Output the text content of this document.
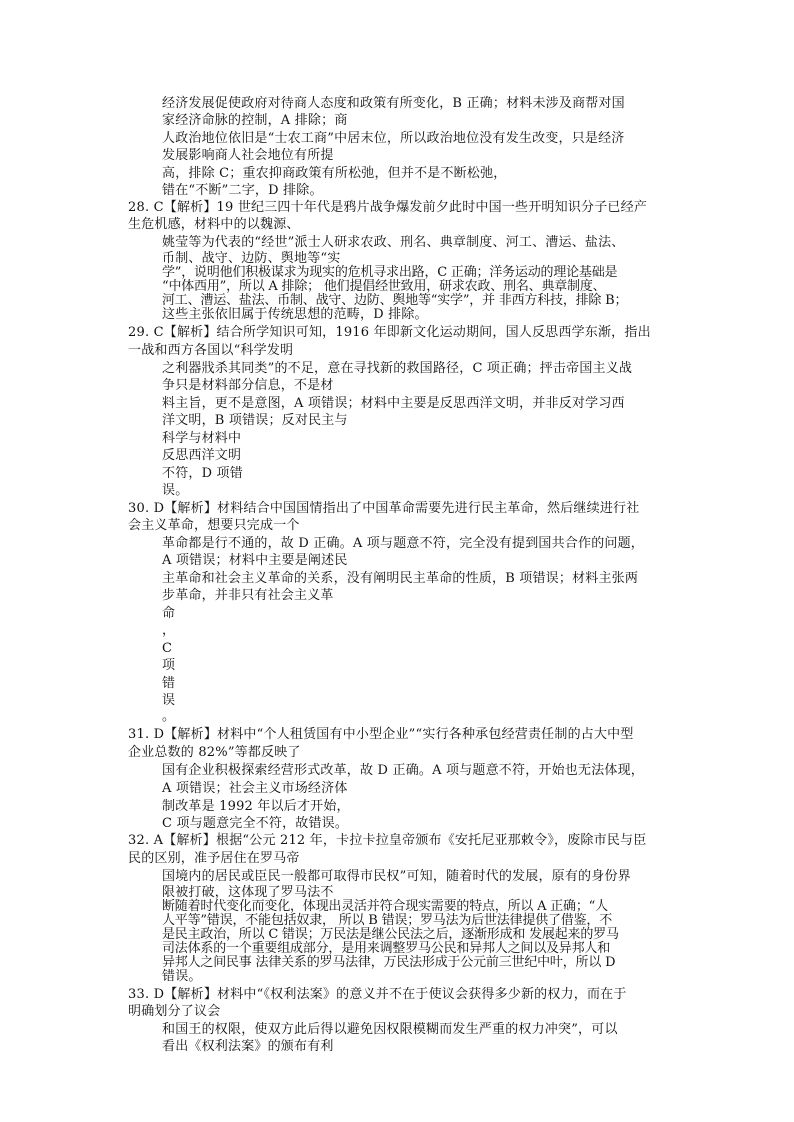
经济发展促使政府对待商人态度和政策有所变化，B 正确；材料未涉及商帮对国
家经济命脉的控制，A 排除；商
人政治地位依旧是“士农工商”中居末位，所以政治地位没有发生改变，只是经济
发展影响商人社会地位有所提
高，排除 C；重农抑商政策有所松弛，但并不是不断松弛，
错在“不断”二字，D 排除。
28. C【解析】19 世纪三四十年代是鸦片战争爆发前夕此时中国一些开明知识分子已经产
生危机感，材料中的以魏源、
姚莹等为代表的“经世”派士人研求农政、刑名、典章制度、河工、漕运、盐法、
币制、战守、边防、舆地等“实
学”，说明他们积极谋求为现实的危机寻求出路，C 正确；洋务运动的理论基础是
“中体西用”，所以 A 排除； 他们提倡经世致用，研求农政、刑名、典章制度、
河工、漕运、盐法、币制、战守、边防、舆地等“实学”，并 非西方科技，排除 B；
这些主张依旧属于传统思想的范畴，D 排除。
29. C【解析】结合所学知识可知，1916 年即新文化运动期间，国人反思西学东渐，指出
一战和西方各国以“科学发明
之利器戕杀其同类”的不足，意在寻找新的救国路径，C 项正确；抨击帝国主义战
争只是材料部分信息，不是材
料主旨，更不是意图，A 项错误；材料中主要是反思西洋文明，并非反对学习西
洋文明，B 项错误；反对民主与
科学与材料中
反思西洋文明
不符，D 项错
误。
30. D【解析】材料结合中国国情指出了中国革命需要先进行民主革命，然后继续进行社
会主义革命，想要只完成一个
革命都是行不通的，故 D 正确。A 项与题意不符，完全没有提到国共合作的问题，
A 项错误；材料中主要是阐述民
主革命和社会主义革命的关系，没有阐明民主革命的性质，B 项错误；材料主张两
步革命，并非只有社会主义革
命
，
C
项
错
误
。
31. D【解析】材料中“个人租赁国有中小型企业”“实行各种承包经营责任制的占大中型
企业总数的 82%”等都反映了
国有企业积极探索经营形式改革，故 D 正确。A 项与题意不符，开始也无法体现，
A 项错误；社会主义市场经济体
制改革是 1992 年以后才开始，
C 项与题意完全不符，故错误。
32. A【解析】根据“公元 212 年，卡拉卡拉皇帝颁布《安托尼亚那敕令》，废除市民与臣
民的区别，准予居住在罗马帝
国境内的居民或臣民一般都可取得市民权”可知，随着时代的发展，原有的身份界
限被打破，这体现了罗马法不
断随着时代变化而变化，体现出灵活并符合现实需要的特点，所以 A 正确；“人
人平等”错误，不能包括奴隶， 所以 B 错误；罗马法为后世法律提供了借鉴，不
是民主政治，所以 C 错误；万民法是继公民法之后，逐渐形成和 发展起来的罗马
司法体系的一个重要组成部分，是用来调整罗马公民和异邦人之间以及异邦人和
异邦人之间民事 法律关系的罗马法律，万民法形成于公元前三世纪中叶，所以 D
错误。
33. D【解析】材料中“《权利法案》的意义并不在于使议会获得多少新的权力，而在于
明确划分了议会
和国王的权限，使双方此后得以避免因权限模糊而发生严重的权力冲突”，可以
看出《权利法案》的颁布有利
